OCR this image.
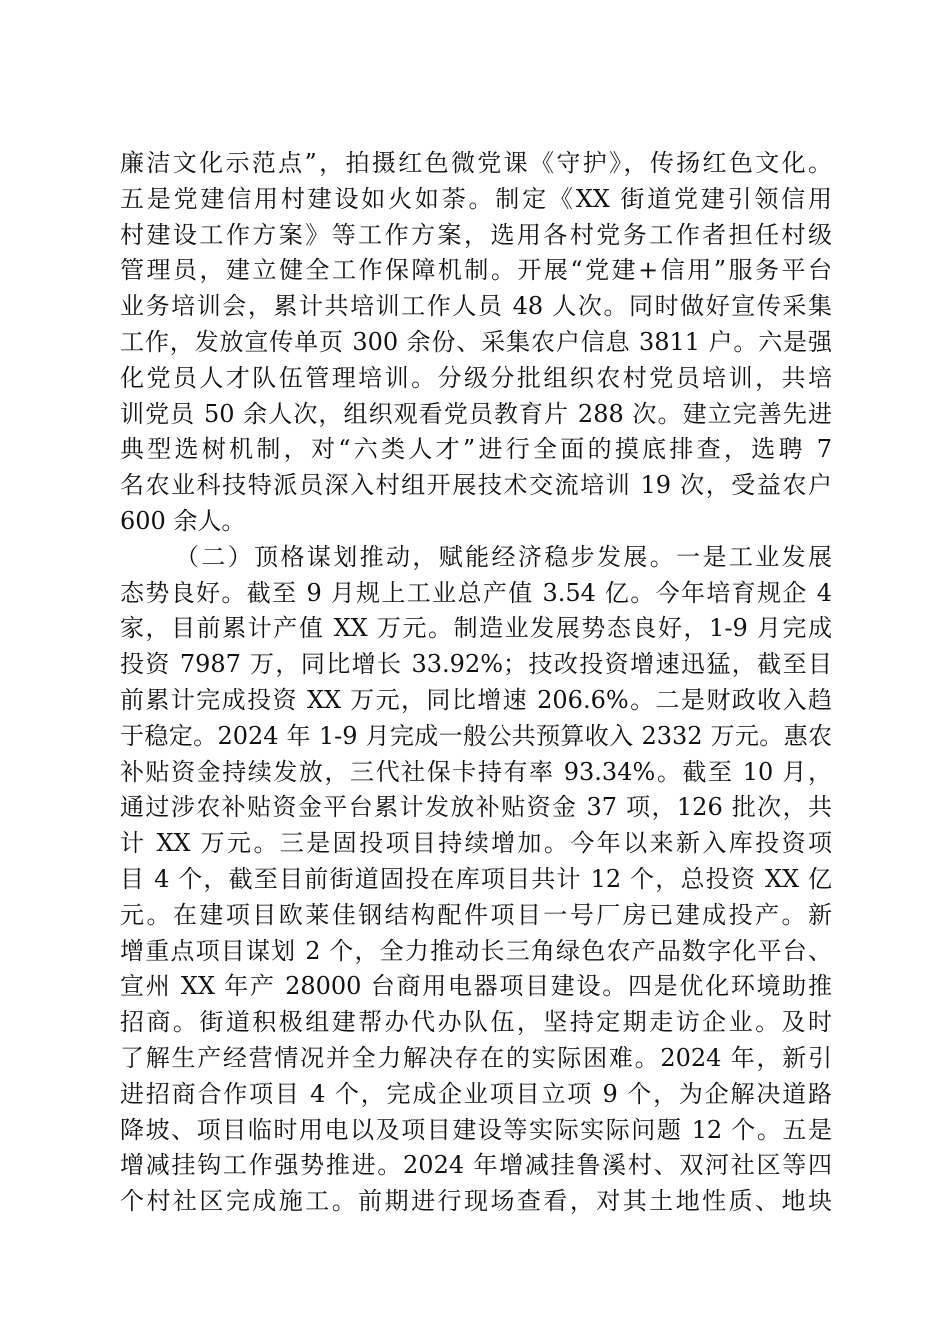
廉洁文化示范点”，拍摄红色微党课《守护》，传扬红色文化。
五是党建信用村建设如火如荼。制定《XX 街道党建引领信用
村建设工作方案》等工作方案，选用各村党务工作者担任村级
管理员，建立健全工作保障机制。开展“党建+信用”服务平台
业务培训会，累计共培训工作人员 48 人次。同时做好宣传采集
工作，发放宣传单页 300 余份、采集农户信息 3811 户。六是强
化党员人才队伍管理培训。分级分批组织农村党员培训，共培
训党员 50 余人次，组织观看党员教育片 288 次。建立完善先进
典型选树机制，对“六类人才”进行全面的摸底排查，选聘 7
名农业科技特派员深入村组开展技术交流培训 19 次，受益农户
600 余人。
（二）顶格谋划推动，赋能经济稳步发展。一是工业发展
态势良好。截至 9 月规上工业总产值 3.54 亿。今年培育规企 4
家，目前累计产值 XX 万元。制造业发展势态良好，1-9 月完成
投资 7987 万，同比增长 33.92%；技改投资增速迅猛，截至目
前累计完成投资 XX 万元，同比增速 206.6%。二是财政收入趋
于稳定。2024 年 1-9 月完成一般公共预算收入 2332 万元。惠农
补贴资金持续发放，三代社保卡持有率 93.34%。截至 10 月，
通过涉农补贴资金平台累计发放补贴资金 37 项，126 批次，共
计 XX 万元。三是固投项目持续增加。今年以来新入库投资项
目 4 个，截至目前街道固投在库项目共计 12 个，总投资 XX 亿
元。在建项目欧莱佳钢结构配件项目一号厂房已建成投产。新
增重点项目谋划 2 个，全力推动长三角绿色农产品数字化平台、
宣州 XX 年产 28000 台商用电器项目建设。四是优化环境助推
招商。街道积极组建帮办代办队伍，坚持定期走访企业。及时
了解生产经营情况并全力解决存在的实际困难。2024 年，新引
进招商合作项目 4 个，完成企业项目立项 9 个，为企解决道路
降坡、项目临时用电以及项目建设等实际实际问题 12 个。五是
增减挂钩工作强势推进。2024 年增减挂鲁溪村、双河社区等四
个村社区完成施工。前期进行现场查看，对其土地性质、地块
